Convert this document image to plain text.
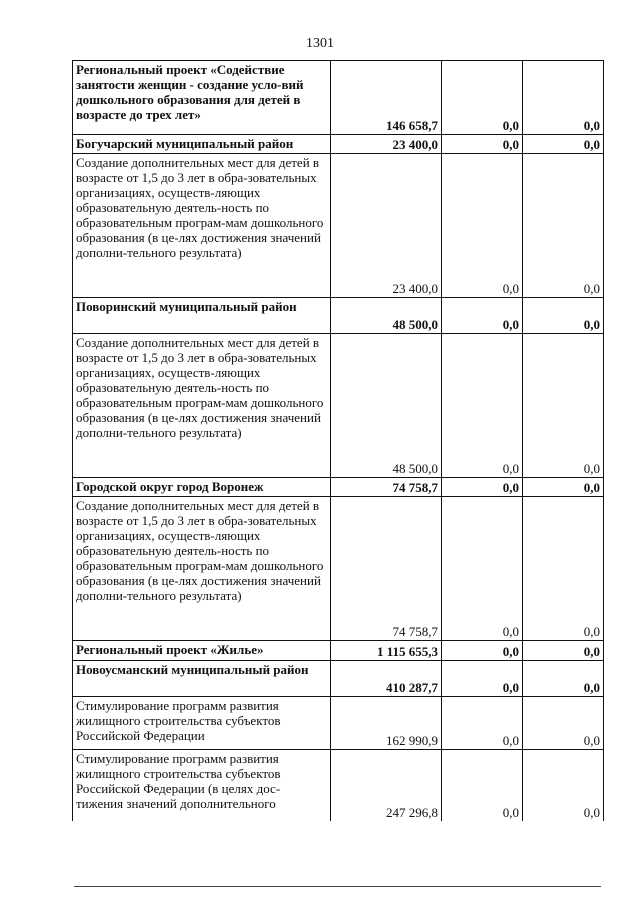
1301
Региональный проект «Содействие занятости женщин - создание усло-вий дошкольного образования для детей в возрасте до трех лет»	146 658,7	0,0	0,0
Богучарский муниципальный район	23 400,0	0,0	0,0
Создание дополнительных мест для детей в возрасте от 1,5 до 3 лет в обра-зовательных организациях, осуществ-ляющих образовательную деятель-ность по образовательным програм-мам дошкольного образования (в це-лях достижения значений дополни-тельного результата)	23 400,0	0,0	0,0
Поворинский муниципальный район	48 500,0	0,0	0,0
Создание дополнительных мест для детей в возрасте от 1,5 до 3 лет в обра-зовательных организациях, осуществ-ляющих образовательную деятель-ность по образовательным програм-мам дошкольного образования (в це-лях достижения значений дополни-тельного результата)	48 500,0	0,0	0,0
Городской округ город Воронеж	74 758,7	0,0	0,0
Создание дополнительных мест для детей в возрасте от 1,5 до 3 лет в обра-зовательных организациях, осуществ-ляющих образовательную деятель-ность по образовательным програм-мам дошкольного образования (в це-лях достижения значений дополни-тельного результата)	74 758,7	0,0	0,0
Региональный проект «Жилье»	1 115 655,3	0,0	0,0
Новоусманский муниципальный район	410 287,7	0,0	0,0
Стимулирование программ развития жилищного строительства субъектов Российской Федерации	162 990,9	0,0	0,0
Стимулирование программ развития жилищного строительства субъектов Российской Федерации (в целях дос-тижения значений дополнительного	247 296,8	0,0	0,0
